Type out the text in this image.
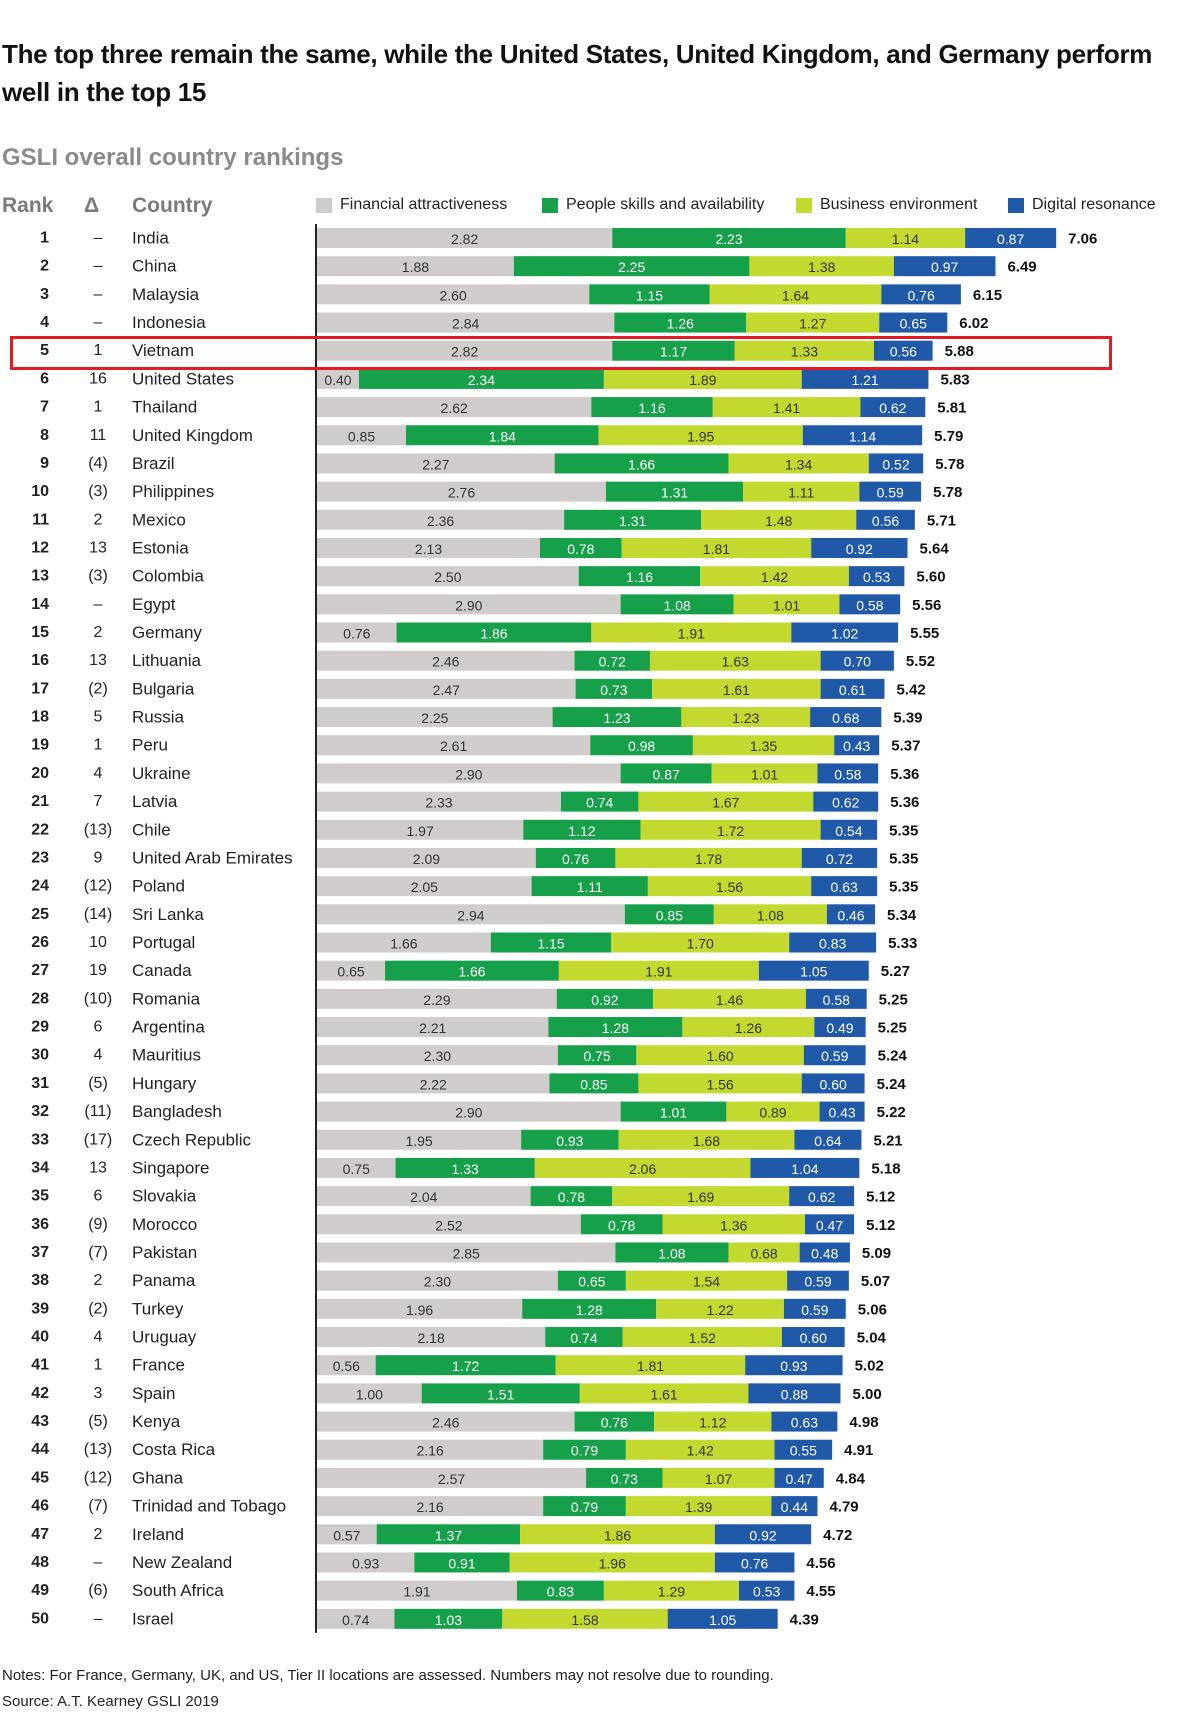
The top three remain the same, while the United States, United Kingdom, and Germany perform well in the top 15
GSLI overall country rankings
Rank Δ Country	Financial attractiveness	People skills and availability	Business environment	Digital resonance
1	– India	2.82	2.23	1.14	0.87	7.06
2	– China	1.88	2.25	1.38	0.97	6.49
3	– Malaysia	2.60	1.15	1.64	0.76	6.15
4	– Indonesia	2.84	1.26	1.27	0.65 6.02
5	1 Vietnam	2.82	1.17	1.33	0.56 5.88
6	16 United States	0.40	2.34	1.89	1.21	5.83
7	1 Thailand	2.62	1.16	1.41	0.62 5.81
8	11 United Kingdom	0.85	1.84	1.95	1.14	5.79
9 (4) Brazil	2.27	1.66	1.34	0.52 5.78
10 (3) Philippines	2.76	1.31	1.11	0.59 5.78
11	2 Mexico	2.36	1.31	1.48	0.56 5.71
12	13 Estonia	2.13	0.78	1.81	0.92	5.64
13 (3) Colombia	2.50	1.16	1.42	0.53 5.60
14	– Egypt	2.90	1.08	1.01	0.58 5.56
15	2 Germany	0.76	1.86	1.91	1.02	5.55
16	13 Lithuania	2.46	0.72	1.63	0.70 5.52
17 (2) Bulgaria	2.47	0.73	1.61	0.61 5.42
18	5 Russia	2.25	1.23	1.23	0.68 5.39
19	1 Peru	2.61	0.98	1.35	0.43 5.37
20	4 Ukraine	2.90	0.87	1.01	0.58 5.36
21	7 Latvia	2.33	0.74	1.67	0.62 5.36
22 (13) Chile	1.97	1.12	1.72	0.54 5.35
23	9 United Arab Emirates	2.09	0.76	1.78	0.72 5.35
24 (12) Poland	2.05	1.11	1.56	0.63 5.35
25 (14) Sri Lanka	2.94	0.85	1.08	0.46 5.34
26	10 Portugal	1.66	1.15	1.70	0.83	5.33
27	19 Canada	0.65	1.66	1.91	1.05	5.27
28 (10) Romania	2.29	0.92	1.46	0.58 5.25
29	6 Argentina	2.21	1.28	1.26	0.49 5.25
30	4 Mauritius	2.30	0.75	1.60	0.59 5.24
31 (5) Hungary	2.22	0.85	1.56	0.60 5.24
32 (11) Bangladesh	2.90	1.01	0.89	0.43 5.22
33 (17) Czech Republic	1.95	0.93	1.68	0.64 5.21
34	13 Singapore	0.75	1.33	2.06	1.04	5.18
35	6 Slovakia	2.04	0.78	1.69	0.62 5.12
36 (9) Morocco	2.52	0.78	1.36	0.47 5.12
37 (7) Pakistan	2.85	1.08	0.68 0.48 5.09
38	2 Panama	2.30	0.65	1.54	0.59 5.07
39 (2) Turkey	1.96	1.28	1.22	0.59 5.06
40	4 Uruguay	2.18	0.74	1.52	0.60 5.04
41	1 France	0.56	1.72	1.81	0.93	5.02
42	3 Spain	1.00	1.51	1.61	0.88	5.00
43 (5) Kenya	2.46	0.76	1.12	0.63 4.98
44 (13) Costa Rica	2.16	0.79	1.42	0.55 4.91
45 (12) Ghana	2.57	0.73	1.07	0.47 4.84
46 (7) Trinidad and Tobago	2.16	0.79	1.39	0.44 4.79
47	2 Ireland	0.57	1.37	1.86	0.92	4.72
48	– New Zealand	0.93	0.91	1.96	0.76	4.56
49 (6) South Africa	1.91	0.83	1.29	0.53 4.55
50	– Israel	0.74	1.03	1.58	1.05	4.39

Notes: For France, Germany, UK, and US, Tier II locations are assessed. Numbers may not resolve due to rounding.

Source: A.T. Kearney GSLI 2019
